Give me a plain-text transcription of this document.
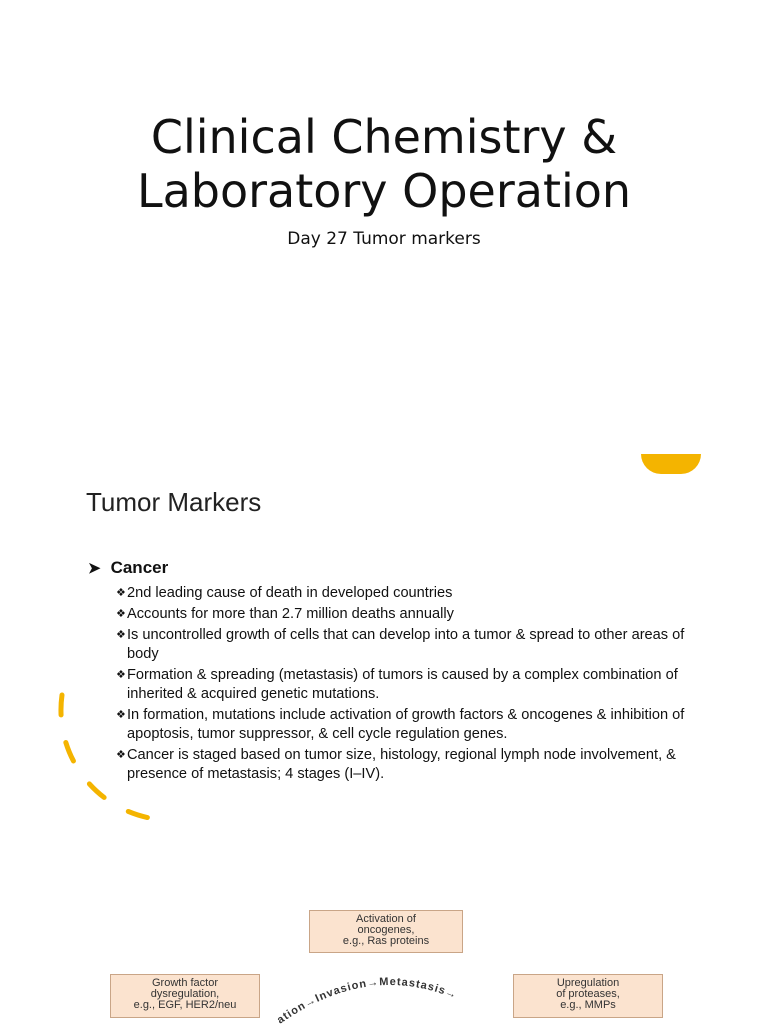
Clinical Chemistry &
Laboratory Operation
Day 27 Tumor markers
Tumor Markers
➤ Cancer
❖ 2nd leading cause of death in developed countries
❖ Accounts for more than 2.7 million deaths annually
❖ Is uncontrolled growth of cells that can develop into a tumor & spread to other areas of body
❖ Formation & spreading (metastasis) of tumors is caused by a complex combination of inherited & acquired genetic mutations.
❖ In formation, mutations include activation of growth factors & oncogenes & inhibition of apoptosis, tumor suppressor, & cell cycle regulation genes.
❖ Cancer is staged based on tumor size, histology, regional lymph node involvement, & presence of metastasis; 4 stages (I–IV).
Activation of
oncogenes,
e.g., Ras proteins
Growth factor
dysregulation,
e.g., EGF, HER2/neu
Upregulation
of proteases,
e.g., MMPs
ation→Invasion→Metastasis→
